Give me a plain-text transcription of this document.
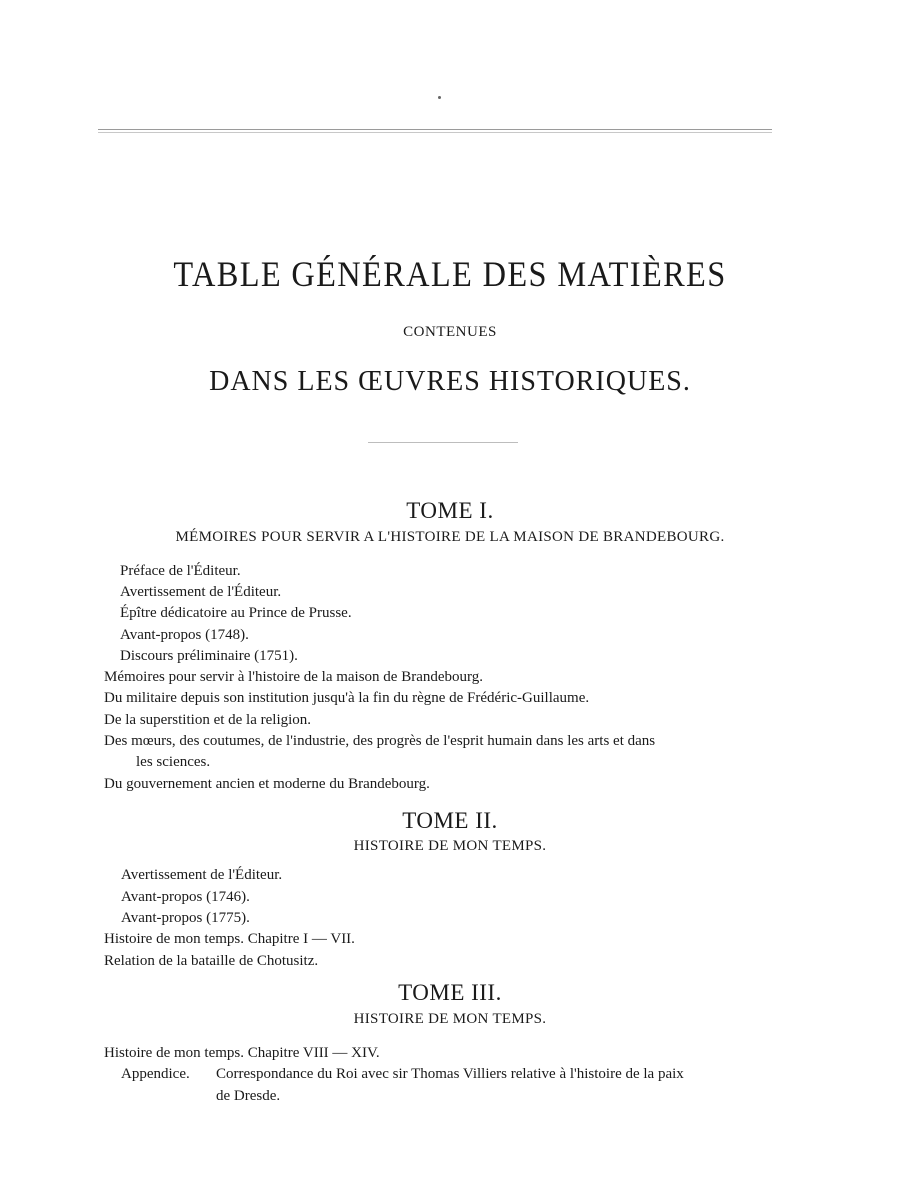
TABLE GÉNÉRALE DES MATIÈRES
CONTENUES
DANS LES ŒUVRES HISTORIQUES.
TOME I.
MÉMOIRES POUR SERVIR A L'HISTOIRE DE LA MAISON DE BRANDEBOURG.
Préface de l'Éditeur.
Avertissement de l'Éditeur.
Épître dédicatoire au Prince de Prusse.
Avant-propos (1748).
Discours préliminaire (1751).
Mémoires pour servir à l'histoire de la maison de Brandebourg.
Du militaire depuis son institution jusqu'à la fin du règne de Frédéric-Guillaume.
De la superstition et de la religion.
Des mœurs, des coutumes, de l'industrie, des progrès de l'esprit humain dans les arts et dans
les sciences.
Du gouvernement ancien et moderne du Brandebourg.
TOME II.
HISTOIRE DE MON TEMPS.
Avertissement de l'Éditeur.
Avant-propos (1746).
Avant-propos (1775).
Histoire de mon temps. Chapitre I — VII.
Relation de la bataille de Chotusitz.
TOME III.
HISTOIRE DE MON TEMPS.
Histoire de mon temps. Chapitre VIII — XIV.
Appendice. Correspondance du Roi avec sir Thomas Villiers relative à l'histoire de la paix
de Dresde.
